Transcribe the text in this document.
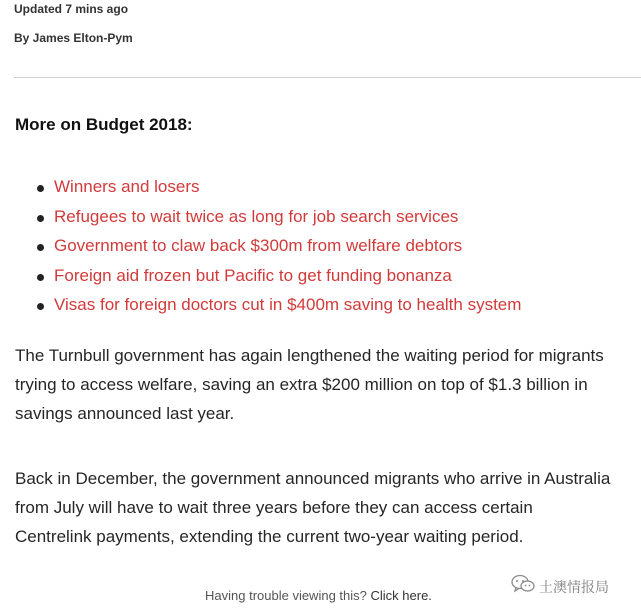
Updated 7 mins ago
By James Elton-Pym
More on Budget 2018:
Winners and losers
Refugees to wait twice as long for job search services
Government to claw back $300m from welfare debtors
Foreign aid frozen but Pacific to get funding bonanza
Visas for foreign doctors cut in $400m saving to health system

The Turnbull government has again lengthened the waiting period for migrants
trying to access welfare, saving an extra $200 million on top of $1.3 billion in
savings announced last year.

Back in December, the government announced migrants who arrive in Australia
from July will have to wait three years before they can access certain
Centrelink payments, extending the current two-year waiting period.

Having trouble viewing this? Click here.
土澳情报局
